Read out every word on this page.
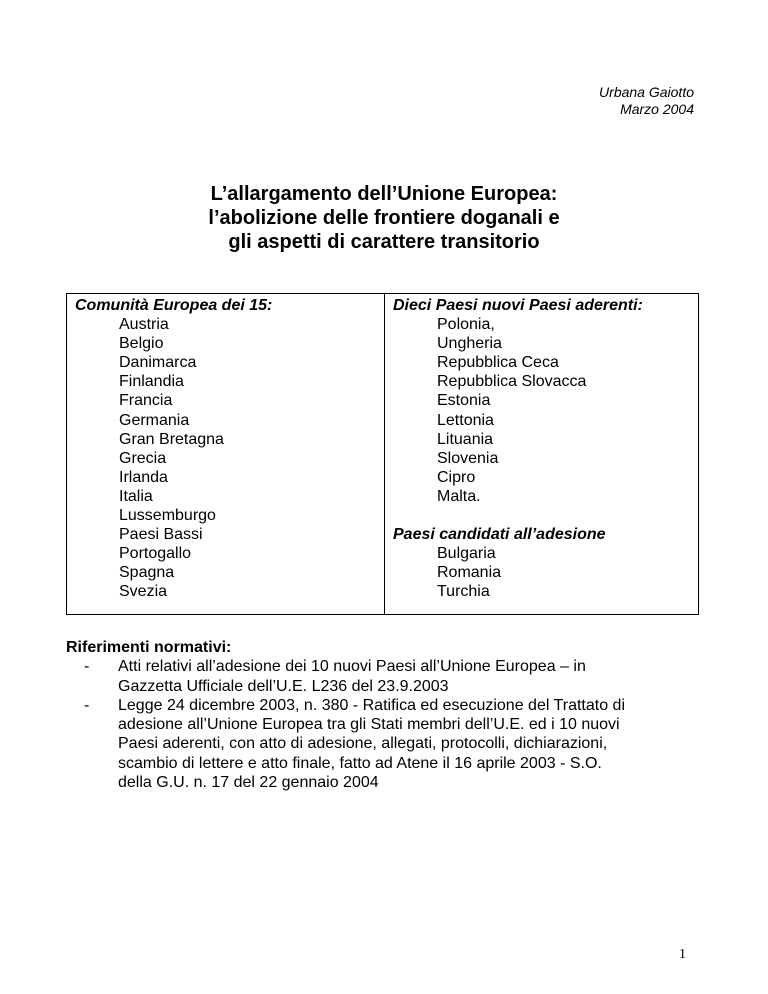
Urbana Gaiotto
Marzo 2004
L’allargamento dell’Unione Europea:
l’abolizione delle frontiere doganali e
gli aspetti di carattere transitorio
Comunità Europea dei 15:
Austria
Belgio
Danimarca
Finlandia
Francia
Germania
Gran Bretagna
Grecia
Irlanda
Italia
Lussemburgo
Paesi Bassi
Portogallo
Spagna
Svezia

Dieci Paesi nuovi Paesi aderenti:
Polonia,
Ungheria
Repubblica Ceca
Repubblica Slovacca
Estonia
Lettonia
Lituania
Slovenia
Cipro
Malta.
Paesi candidati all’adesione
Bulgaria
Romania
Turchia
Riferimenti normativi:
- Atti relativi all’adesione dei 10 nuovi Paesi all’Unione Europea – in
Gazzetta Ufficiale dell’U.E. L236 del 23.9.2003
- Legge 24 dicembre 2003, n. 380 - Ratifica ed esecuzione del Trattato di
adesione all’Unione Europea tra gli Stati membri dell’U.E. ed i 10 nuovi
Paesi aderenti, con atto di adesione, allegati, protocolli, dichiarazioni,
scambio di lettere e atto finale, fatto ad Atene il 16 aprile 2003 - S.O.
della G.U. n. 17 del 22 gennaio 2004
1
